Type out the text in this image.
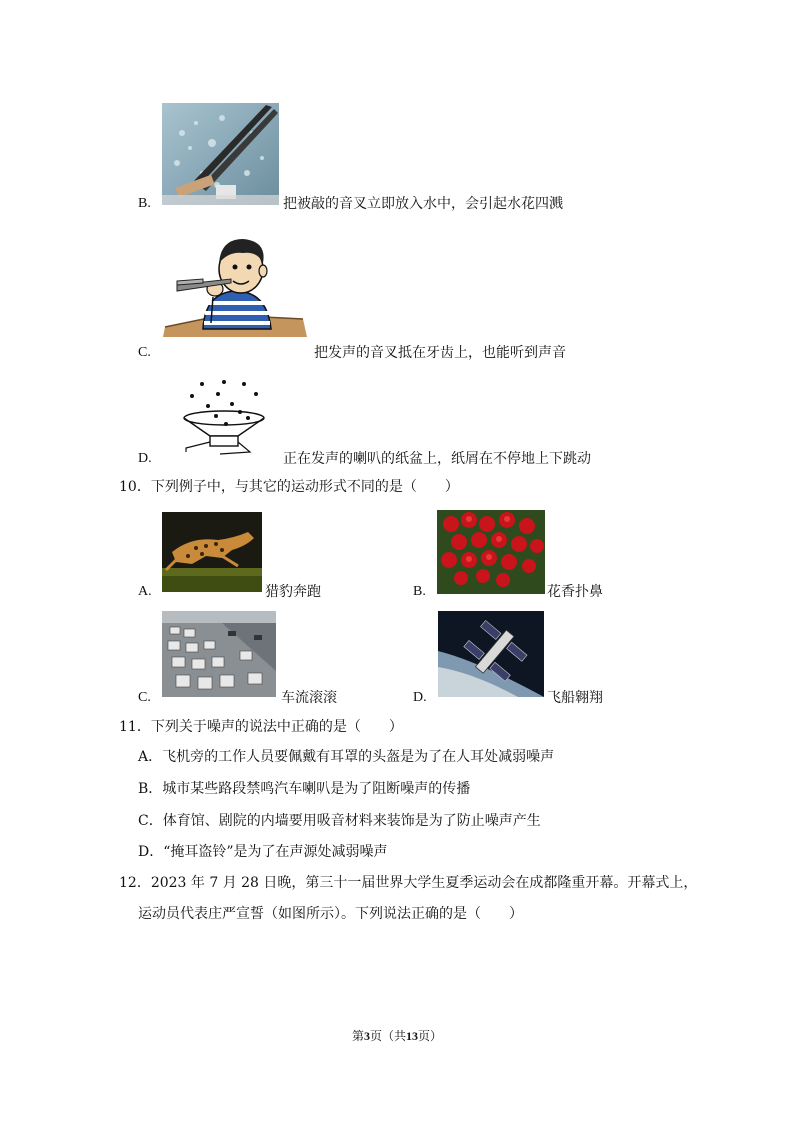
B.	把被敲的音叉立即放入水中，会引起水花四溅
C.	把发声的音叉抵在牙齿上，也能听到声音
D.	正在发声的喇叭的纸盆上，纸屑在不停地上下跳动
10．下列例子中，与其它的运动形式不同的是（　　）
A.	猎豹奔跑	B.	花香扑鼻
C.	车流滚滚	D.	飞船翱翔
11．下列关于噪声的说法中正确的是（　　）
A．飞机旁的工作人员要佩戴有耳罩的头盔是为了在人耳处减弱噪声
B．城市某些路段禁鸣汽车喇叭是为了阻断噪声的传播
C．体育馆、剧院的内墙要用吸音材料来装饰是为了防止噪声产生
D．“掩耳盗铃”是为了在声源处减弱噪声
12．2023 年 7 月 28 日晚，第三十一届世界大学生夏季运动会在成都隆重开幕。开幕式上，
运动员代表庄严宣誓（如图所示）。下列说法正确的是（　　）
第3页（共13页）
